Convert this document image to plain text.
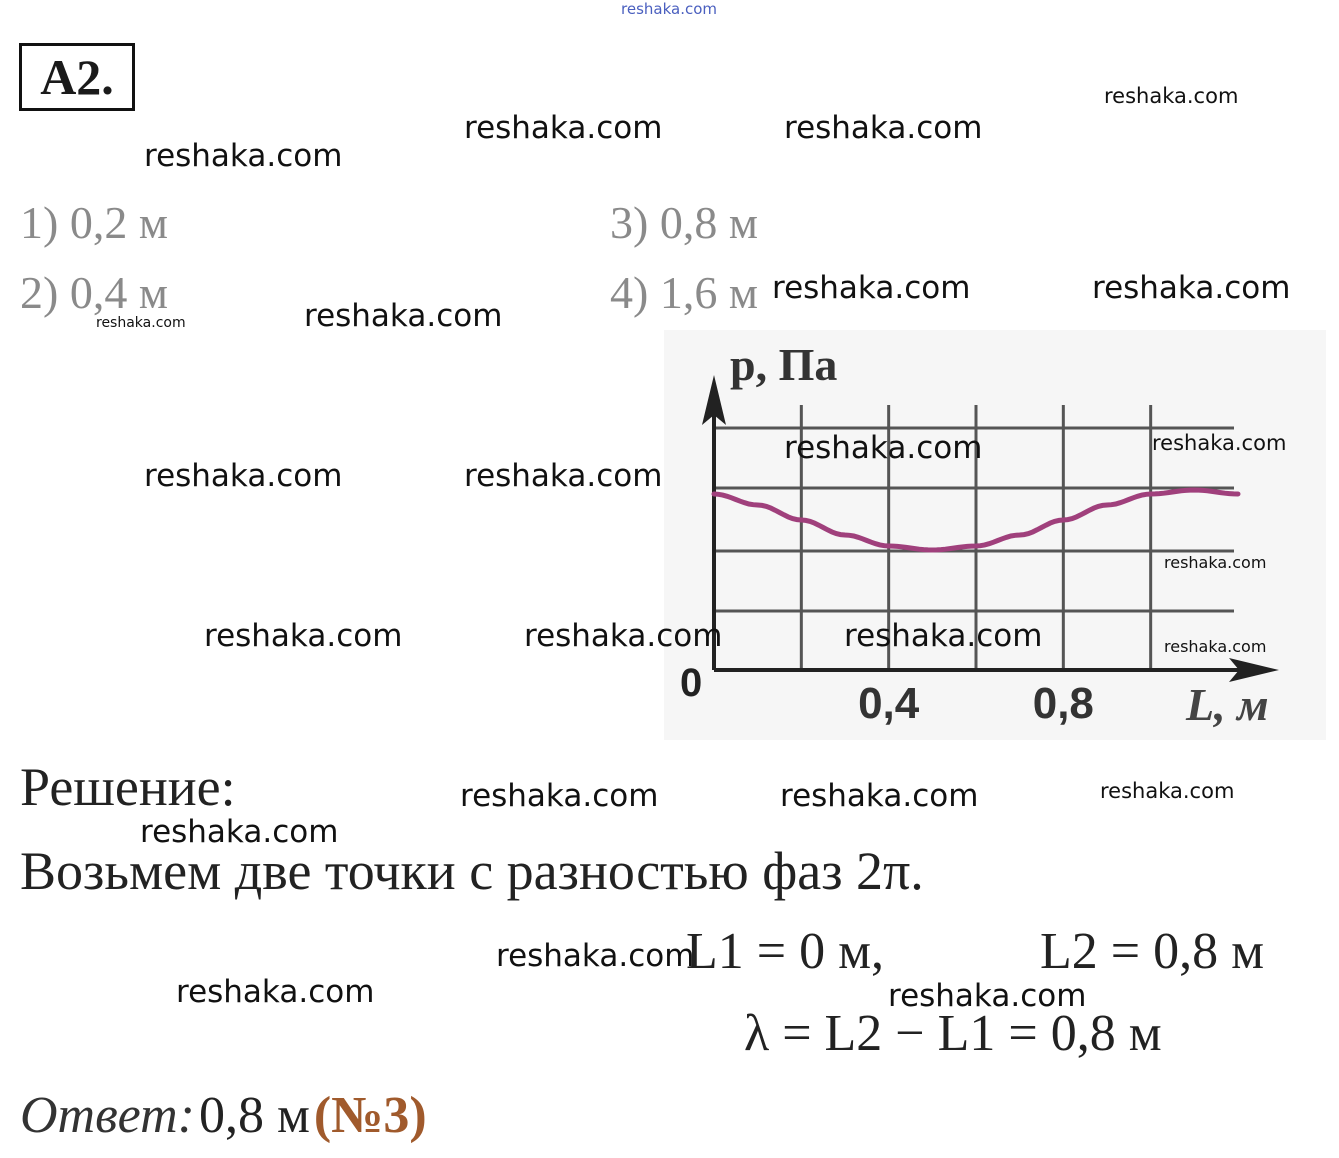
reshaka.com
A2.
reshaka.com	reshaka.com
reshaka.com
reshaka.com
1) 0,2 м
2) 0,4 м
3) 0,8 м
4) 1,6 м
reshaka.com	reshaka.com
p, Па
0	0,4	0,8 L, м
reshaka.com	reshaka.com
reshaka.com
reshaka.com
reshaka.com	reshaka.com
reshaka.com	reshaka.com	reshaka.com
reshaka.com	reshaka.com
Решение:	reshaka.com	reshaka.com	reshaka.com
reshaka.com
Возьмем две точки с разностью фаз 2π.
reshaka.com
L1 = 0 м,	L2 = 0,8 м
reshaka.com	reshaka.com
λ = L2 − L1 = 0,8 м
Ответ: 0,8 м (№3)
